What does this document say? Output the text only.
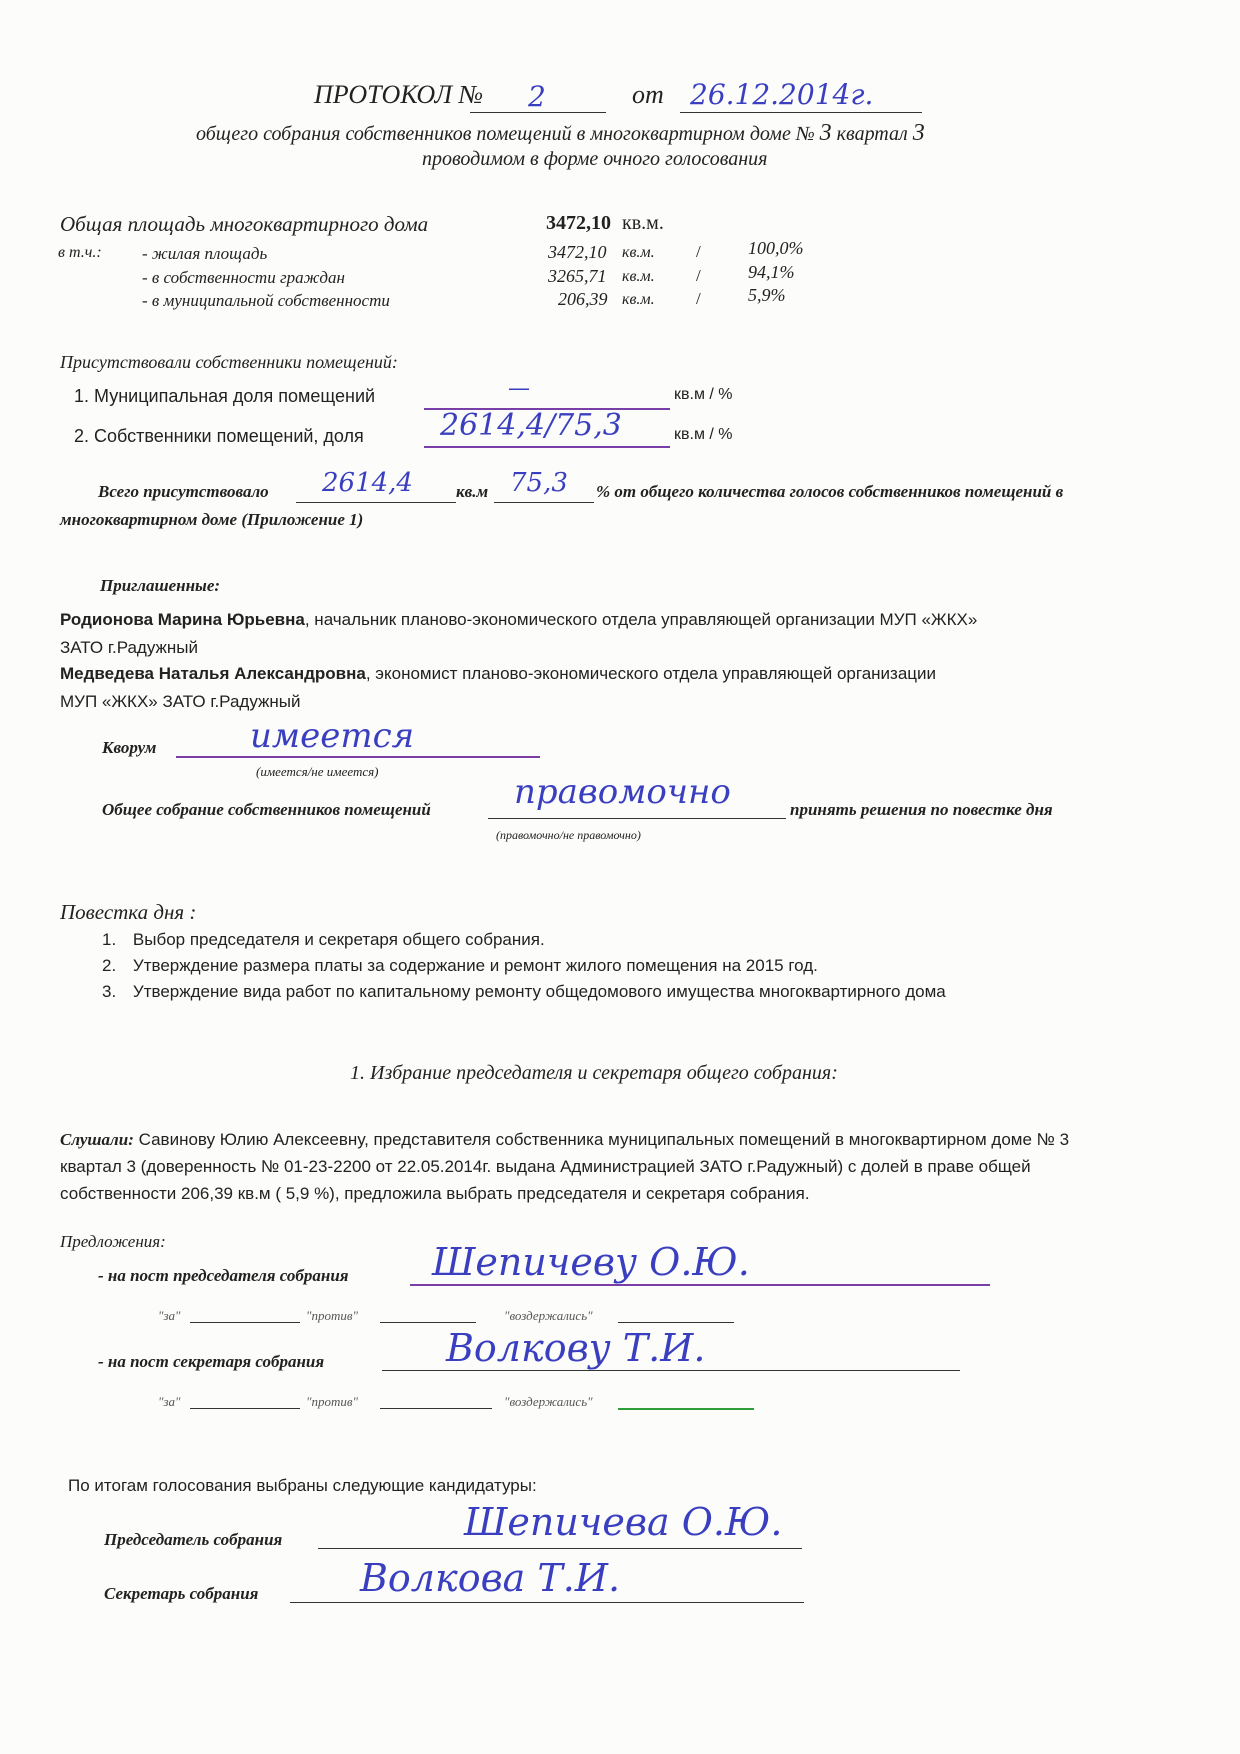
ПРОТОКОЛ № 2	от 26.12.2014г.
общего собрания собственников помещений в многоквартирном доме № 3 квартал 3
проводимом в форме очного голосования
Общая площадь многоквартирного дома	3472,10 кв.м.
в т.ч.: - жилая площадь	3472,10 кв.м. /	100,0%
- в собственности граждан	3265,71 кв.м. /	94,1%
- в муниципальной собственности	206,39 кв.м. /	5,9%
Присутствовали собственники помещений:
1. Муниципальная доля помещений	—	кв.м / %
2. Собственники помещений, доля	2614,4/75,3	кв.м / %
Всего присутствовало 2614,4	кв.м 75,3 % от общего количества голосов собственников помещений в
многоквартирном доме (Приложение 1)
Приглашенные:
Родионова Марина Юрьевна, начальник планово-экономического отдела управляющей организации МУП «ЖКХ»
ЗАТО г.Радужный
Медведева Наталья Александровна, экономист планово-экономического отдела управляющей организации
МУП «ЖКХ» ЗАТО г.Радужный
Кворум	имеется
(имеется/не имеется)
Общее собрание собственников помещений правомочно	принять решения по повестке дня
(правомочно/не правомочно)
Повестка дня :
1. Выбор председателя и секретаря общего собрания.
2. Утверждение размера платы за содержание и ремонт жилого помещения на 2015 год.
3. Утверждение вида работ по капитальному ремонту общедомового имущества многоквартирного дома
1. Избрание председателя и секретаря общего собрания:
Слушали: Савинову Юлию Алексеевну, представителя собственника муниципальных помещений в многоквартирном доме № 3
квартал 3 (доверенность № 01-23-2200 от 22.05.2014г. выдана Администрацией ЗАТО г.Радужный) с долей в праве общей
собственности 206,39 кв.м ( 5,9 %), предложила выбрать председателя и секретаря собрания.
Предложения:
- на пост председателя собрания Шепичеву О.Ю.
"за"	"против"	"воздержались"
- на пост секретаря собрания	Волкову Т.И.
"за"	"против"	"воздержались"
По итогам голосования выбраны следующие кандидатуры:
Председатель собрания	Шепичева О.Ю.
Секретарь собрания	Волкова Т.И.
